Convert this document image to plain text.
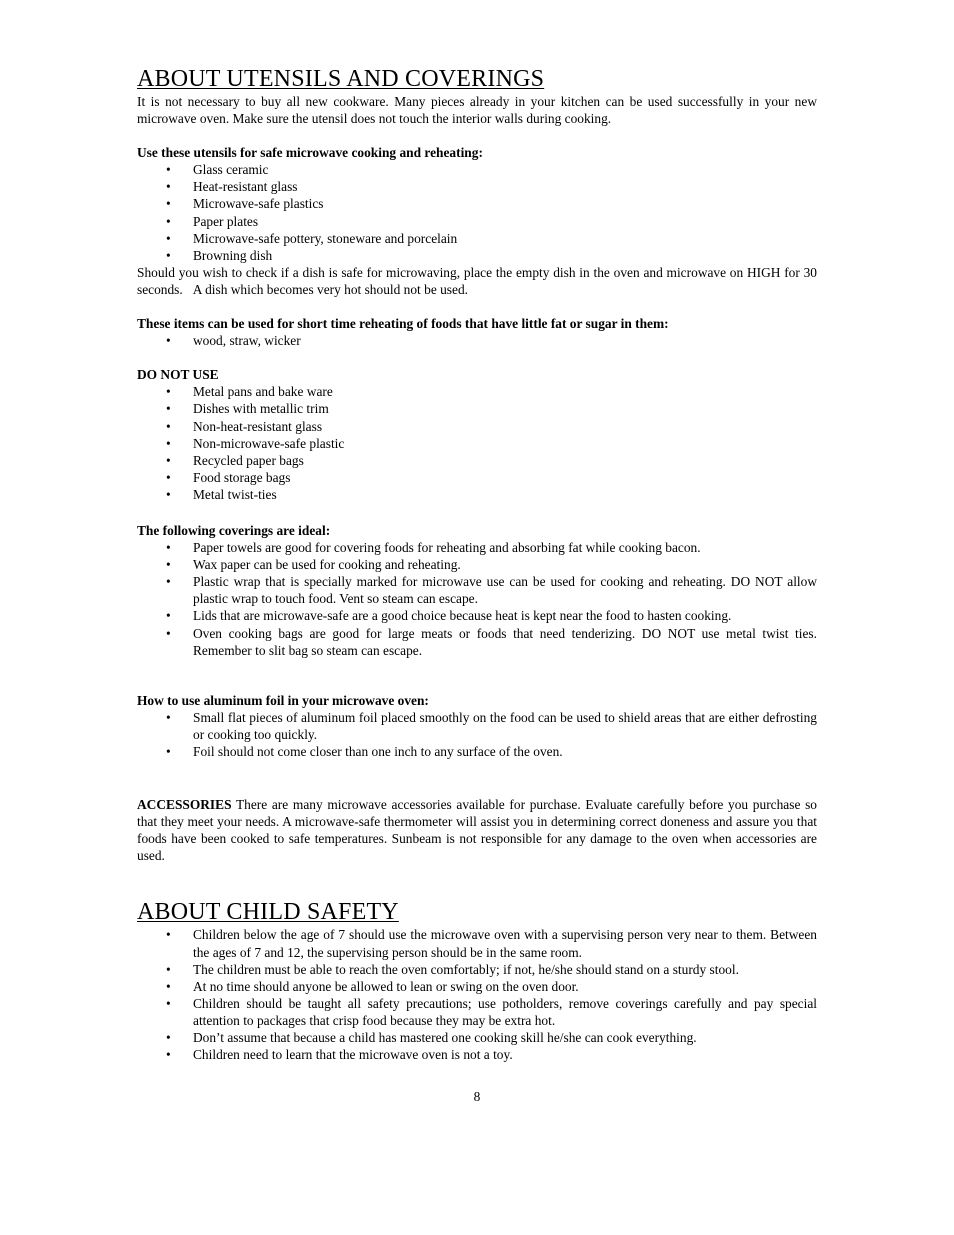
ABOUT UTENSILS AND COVERINGS

It is not necessary to buy all new cookware. Many pieces already in your kitchen can be used successfully in your new microwave oven. Make sure the utensil does not touch the interior walls during cooking.

Use these utensils for safe microwave cooking and reheating:

• Glass ceramic
• Heat-resistant glass
• Microwave-safe plastics
• Paper plates
• Microwave-safe pottery, stoneware and porcelain
• Browning dish

Should you wish to check if a dish is safe for microwaving, place the empty dish in the oven and microwave on HIGH for 30 seconds.   A dish which becomes very hot should not be used.

These items can be used for short time reheating of foods that have little fat or sugar in them:

• wood, straw, wicker

DO NOT USE

• Metal pans and bake ware
• Dishes with metallic trim
• Non-heat-resistant glass
• Non-microwave-safe plastic
• Recycled paper bags
• Food storage bags
• Metal twist-ties

The following coverings are ideal:

• Paper towels are good for covering foods for reheating and absorbing fat while cooking bacon.
• Wax paper can be used for cooking and reheating.
• Plastic wrap that is specially marked for microwave use can be used for cooking and reheating. DO NOT allow plastic wrap to touch food. Vent so steam can escape.
• Lids that are microwave-safe are a good choice because heat is kept near the food to hasten cooking.
• Oven cooking bags are good for large meats or foods that need tenderizing. DO NOT use metal twist ties. Remember to slit bag so steam can escape.

How to use aluminum foil in your microwave oven:

• Small flat pieces of aluminum foil placed smoothly on the food can be used to shield areas that are either defrosting or cooking too quickly.
• Foil should not come closer than one inch to any surface of the oven.

ACCESSORIES There are many microwave accessories available for purchase. Evaluate carefully before you purchase so that they meet your needs. A microwave-safe thermometer will assist you in determining correct doneness and assure you that foods have been cooked to safe temperatures. Sunbeam is not responsible for any damage to the oven when accessories are used.

ABOUT CHILD SAFETY
• Children below the age of 7 should use the microwave oven with a supervising person very near to them. Between the ages of 7 and 12, the supervising person should be in the same room.
• The children must be able to reach the oven comfortably; if not, he/she should stand on a sturdy stool.
• At no time should anyone be allowed to lean or swing on the oven door.
• Children should be taught all safety precautions; use potholders, remove coverings carefully and pay special attention to packages that crisp food because they may be extra hot.
• Don’t assume that because a child has mastered one cooking skill he/she can cook everything.
• Children need to learn that the microwave oven is not a toy.
8
